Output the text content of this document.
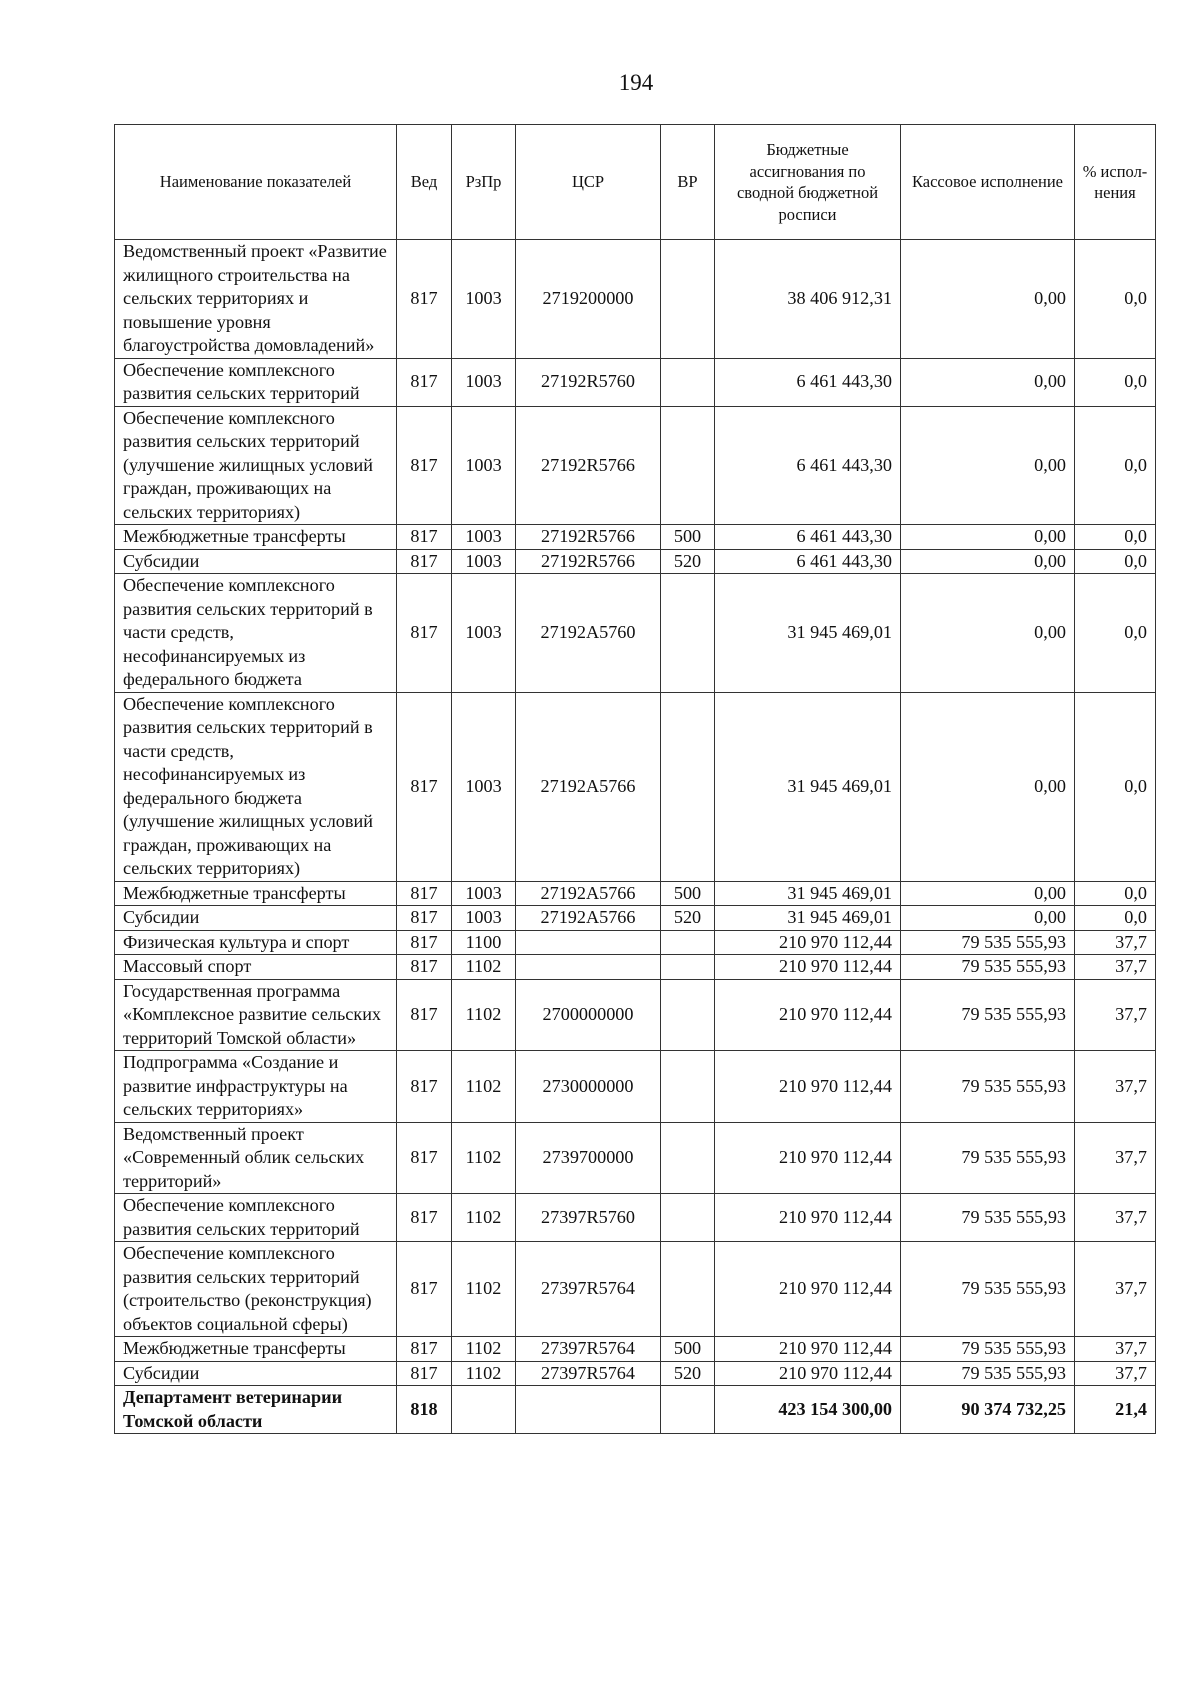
194
Наименование показателей	Вед	РзПр	ЦСР	ВР	Бюджетные ассигнования по сводной бюджетной росписи	Кассовое исполнение	% испол-нения
Ведомственный проект «Развитие жилищного строительства на сельских территориях и повышение уровня благоустройства домовладений»	817	1003	2719200000		38 406 912,31	0,00	0,0
Обеспечение комплексного развития сельских территорий	817	1003	27192R5760		6 461 443,30	0,00	0,0
Обеспечение комплексного развития сельских территорий (улучшение жилищных условий граждан, проживающих на сельских территориях)	817	1003	27192R5766		6 461 443,30	0,00	0,0
Межбюджетные трансферты	817	1003	27192R5766	500	6 461 443,30	0,00	0,0
Субсидии	817	1003	27192R5766	520	6 461 443,30	0,00	0,0
Обеспечение комплексного развития сельских территорий в части средств, несофинансируемых из федерального бюджета	817	1003	27192A5760		31 945 469,01	0,00	0,0
Обеспечение комплексного развития сельских территорий в части средств, несофинансируемых из федерального бюджета (улучшение жилищных условий граждан, проживающих на сельских территориях)	817	1003	27192A5766		31 945 469,01	0,00	0,0
Межбюджетные трансферты	817	1003	27192A5766	500	31 945 469,01	0,00	0,0
Субсидии	817	1003	27192A5766	520	31 945 469,01	0,00	0,0
Физическая культура и спорт	817	1100			210 970 112,44	79 535 555,93	37,7
Массовый спорт	817	1102			210 970 112,44	79 535 555,93	37,7
Государственная программа «Комплексное развитие сельских территорий Томской области»	817	1102	2700000000		210 970 112,44	79 535 555,93	37,7
Подпрограмма «Создание и развитие инфраструктуры на сельских территориях»	817	1102	2730000000		210 970 112,44	79 535 555,93	37,7
Ведомственный проект «Современный облик сельских территорий»	817	1102	2739700000		210 970 112,44	79 535 555,93	37,7
Обеспечение комплексного развития сельских территорий	817	1102	27397R5760		210 970 112,44	79 535 555,93	37,7
Обеспечение комплексного развития сельских территорий (строительство (реконструкция) объектов социальной сферы)	817	1102	27397R5764		210 970 112,44	79 535 555,93	37,7
Межбюджетные трансферты	817	1102	27397R5764	500	210 970 112,44	79 535 555,93	37,7
Субсидии	817	1102	27397R5764	520	210 970 112,44	79 535 555,93	37,7
Департамент ветеринарии Томской области	818				423 154 300,00	90 374 732,25	21,4
